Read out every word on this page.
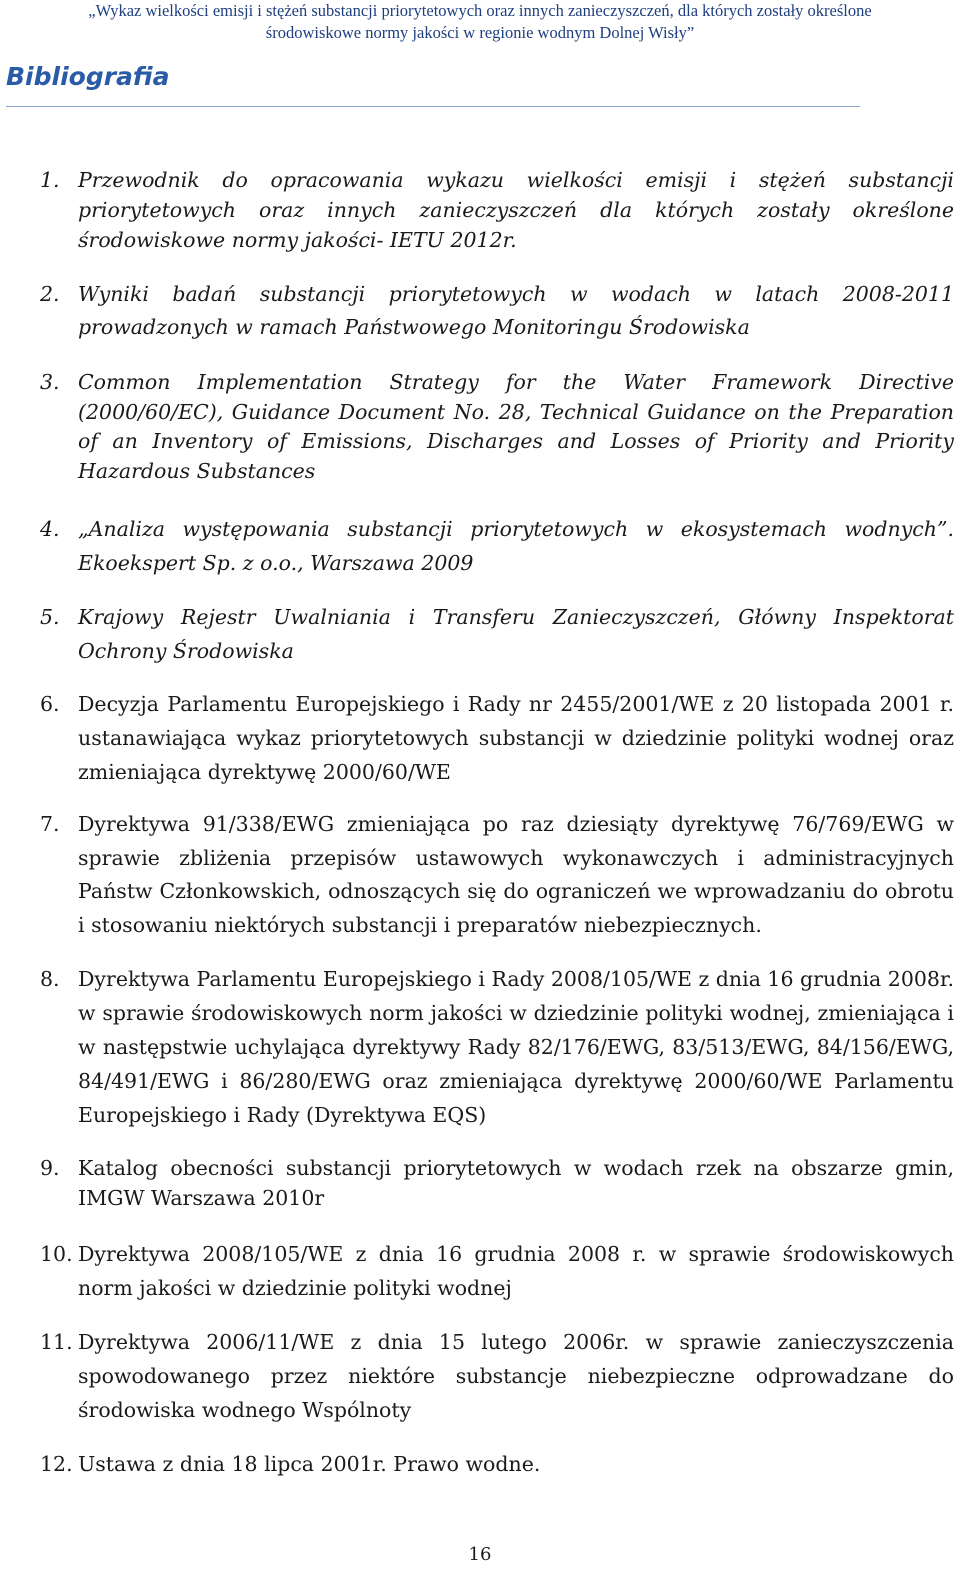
„Wykaz wielkości emisji i stężeń substancji priorytetowych oraz innych zanieczyszczeń, dla których zostały określone
środowiskowe normy jakości w regionie wodnym Dolnej Wisły”
Bibliografia
1. Przewodnik do opracowania wykazu wielkości emisji i stężeń substancji priorytetowych oraz innych zanieczyszczeń dla których zostały określone środowiskowe normy jakości- IETU 2012r.
2. Wyniki badań substancji priorytetowych w wodach w latach 2008-2011 prowadzonych w ramach Państwowego Monitoringu Środowiska
3. Common Implementation Strategy for the Water Framework Directive (2000/60/EC), Guidance Document No. 28, Technical Guidance on the Preparation of an Inventory of Emissions, Discharges and Losses of Priority and Priority Hazardous Substances
4. „Analiza występowania substancji priorytetowych w ekosystemach wodnych”. Ekoekspert Sp. z o.o., Warszawa 2009
5. Krajowy Rejestr Uwalniania i Transferu Zanieczyszczeń, Główny Inspektorat Ochrony Środowiska
6. Decyzja Parlamentu Europejskiego i Rady nr 2455/2001/WE z 20 listopada 2001 r. ustanawiająca wykaz priorytetowych substancji w dziedzinie polityki wodnej oraz zmieniająca dyrektywę 2000/60/WE
7. Dyrektywa 91/338/EWG zmieniająca po raz dziesiąty dyrektywę 76/769/EWG w sprawie zbliżenia przepisów ustawowych wykonawczych i administracyjnych Państw Członkowskich, odnoszących się do ograniczeń we wprowadzaniu do obrotu i stosowaniu niektórych substancji i preparatów niebezpiecznych.
8. Dyrektywa Parlamentu Europejskiego i Rady 2008/105/WE z dnia 16 grudnia 2008r. w sprawie środowiskowych norm jakości w dziedzinie polityki wodnej, zmieniająca i w następstwie uchylająca dyrektywy Rady 82/176/EWG, 83/513/EWG, 84/156/EWG, 84/491/EWG i 86/280/EWG oraz zmieniająca dyrektywę 2000/60/WE Parlamentu Europejskiego i Rady (Dyrektywa EQS)
9. Katalog obecności substancji priorytetowych w wodach rzek na obszarze gmin, IMGW Warszawa 2010r
10. Dyrektywa 2008/105/WE z dnia 16 grudnia 2008 r. w sprawie środowiskowych norm jakości w dziedzinie polityki wodnej
11. Dyrektywa 2006/11/WE z dnia 15 lutego 2006r. w sprawie zanieczyszczenia spowodowanego przez niektóre substancje niebezpieczne odprowadzane do środowiska wodnego Wspólnoty
12. Ustawa z dnia 18 lipca 2001r. Prawo wodne.
16
